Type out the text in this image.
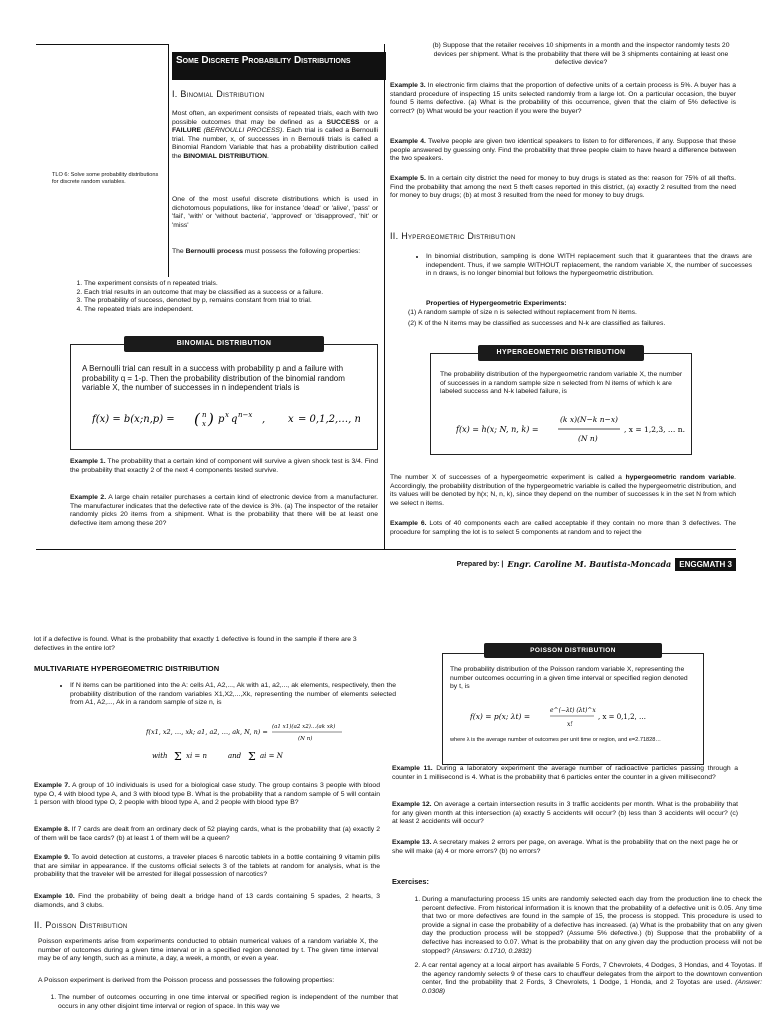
TLO 6: Solve some probability distributions for discrete random variables.

Some Discrete Probability Distributions

I. Binomial Distribution

Most often, an experiment consists of repeated trials, each with two possible outcomes that may be defined as a SUCCESS or a FAILURE (BERNOULLI PROCESS). Each trial is called a Bernoulli trial. The number, x, of successes in n Bernoulli trials is called a Binomial Random Variable that has a probability distribution called the BINOMIAL DISTRIBUTION.

One of the most useful discrete distributions which is used in dichotomous populations, like for instance 'dead' or 'alive', 'pass' or 'fail', 'with' or 'without bacteria', 'approved' or 'disapproved', 'hit' or 'miss'

The Bernoulli process must possess the following properties:

1. The experiment consists of n repeated trials.
2. Each trial results in an outcome that may be classified as a success or a failure.
3. The probability of success, denoted by p, remains constant from trial to trial.
4. The repeated trials are independent.
BINOMIAL DISTRIBUTION

A Bernoulli trial can result in a success with probability p and a failure with probability q = 1-p. Then the probability distribution of the binomial random variable X, the number of successes in n independent trials is

f(x) = b(x;n,p) = ( n
x ) p x q n−x , x = 0,1,2,…, n

Example 1. The probability that a certain kind of component will survive a given shock test is 3/4. Find the probability that exactly 2 of the next 4 components tested survive.

Example 2. A large chain retailer purchases a certain kind of electronic device from a manufacturer. The manufacturer indicates that the defective rate of the device is 3%. (a) The inspector of the retailer randomly picks 20 items from a shipment. What is the probability that there will be at least one defective item among these 20?

(b) Suppose that the retailer receives 10 shipments in a month and the inspector randomly tests 20 devices per shipment. What is the probability that there will be 3 shipments containing at least one defective device?

Example 3. In electronic firm claims that the proportion of defective units of a certain process is 5%. A buyer has a standard procedure of inspecting 15 units selected randomly from a large lot. On a particular occasion, the buyer found 5 items defective. (a) What is the probability of this occurrence, given that the claim of 5% defective is correct? (b) What would be your reaction if you were the buyer?

Example 4. Twelve people are given two identical speakers to listen to for differences, if any. Suppose that these people answered by guessing only. Find the probability that three people claim to have heard a difference between the two speakers.

Example 5. In a certain city district the need for money to buy drugs is stated as the: reason for 75% of all thefts. Find the probability that among the next 5 theft cases reported in this district, (a) exactly 2 resulted from the need for money to buy drugs; (b) at most 3 resulted from the need for money to buy drugs.

II. Hypergeometric Distribution

• In binomial distribution, sampling is done WITH replacement such that it guarantees that the draws are independent. Thus, if we sample WITHOUT replacement, the random variable X, the number of successes in n draws, is no longer binomial but follows the hypergeometric distribution.

Properties of Hypergeometric Experiments:

(1) A random sample of size n is selected without replacement from N items.

(2) K of the N items may be classified as successes and N-k are classified as failures.

HYPERGEOMETRIC DISTRIBUTION

The probability distribution of the hypergeometric random variable X, the number of successes in a random sample size n selected from N items of which k are labeled success and N-k labeled failure, is

f(x) = h(x; N, n, k) =
(k x)(N−k n−x)
(N n)
, x = 1,2,3, … n.

The number X of successes of a hypergeometric experiment is called a hypergeometric random variable. Accordingly, the probability distribution of the hypergeometric variable is called the hypergeometric distribution, and its values will be denoted by h(x; N, n, k), since they depend on the number of successes k in the set N from which we select n items.

Example 6. Lots of 40 components each are called acceptable if they contain no more than 3 defectives. The procedure for sampling the lot is to select 5 components at random and to reject the

Prepared by: | Engr. Caroline M. Bautista-Moncada	ENGGMATH 3

lot if a defective is found. What is the probability that exactly 1 defective is found in the sample if there are 3 defectives in the entire lot?

MULTIVARIATE HYPERGEOMETRIC DISTRIBUTION

• If N items can be partitioned into the A: cells A1, A2,..., Ak with a1, a2,..., ak elements, respectively, then the probability distribution of the random variables X1,X2,...,Xk, representing the number of elements selected from A1, A2,..., Ak in a random sample of size n, is
f(x1, x2, …, xk; a1, a2, …, ak, N, n) =
(a1 x1)(a2 x2)…(ak xk)
(N n)
with Σ xi = n	and Σ ai = N

Example 7. A group of 10 individuals is used for a biological case study. The group contains 3 people with blood type O, 4 with blood type A, and 3 with blood type B. What is the probability that a random sample of 5 will contain 1 person with blood type O, 2 people with blood type A, and 2 people with blood type B?

Example 8. If 7 cards are dealt from an ordinary deck of 52 playing cards, what is the probability that (a) exactly 2 of them will be face cards? (b) at least 1 of them will be a queen?

Example 9. To avoid detection at customs, a traveler places 6 narcotic tablets in a bottle containing 9 vitamin pills that are similar in appearance. If the customs official selects 3 of the tablets at random for analysis, what is the probability that the traveler will be arrested for illegal possession of narcotics?

Example 10. Find the probability of being dealt a bridge hand of 13 cards containing 5 spades, 2 hearts, 3 diamonds, and 3 clubs.

II. Poisson Distribution

Poisson experiments arise from experiments conducted to obtain numerical values of a random variable X, the number of outcomes during a given time interval or in a specified region denoted by t. The given time interval may be of any length, such as a minute, a day, a week, a month, or even a year.

A Poisson experiment is derived from the Poisson process and possesses the following properties:

1. The number of outcomes occurring in one time interval or specified region is independent of the number that occurs in any other disjoint time interval or region of space. In this way we
POISSON DISTRIBUTION

The probability distribution of the Poisson random variable X, representing the number outcomes occurring in a given time interval or specified region denoted by t, is

f(x) = p(x; λt) =
e^(−λt) (λt)^x
x!
, x = 0,1,2, …

where λ is the average number of outcomes per unit time or region, and e=2.71828…

Example 11. During a laboratory experiment the average number of radioactive particles passing through a counter in 1 millisecond is 4. What is the probability that 6 particles enter the counter in a given millisecond?

Example 12. On average a certain intersection results in 3 traffic accidents per month. What is the probability that for any given month at this intersection (a) exactly 5 accidents will occur? (b) less than 3 accidents will occur? (c) at least 2 accidents will occur?

Example 13. A secretary makes 2 errors per page, on average. What is the probability that on the next page he or she will make (a) 4 or more errors? (b) no errors?

Exercises:

1. During a manufacturing process 15 units are randomly selected each day from the production line to check the percent defective. From historical information it is known that the probability of a defective unit is 0.05. Any time that two or more defectives are found in the sample of 15, the process is stopped. This procedure is used to provide a signal in case the probability of a defective has increased. (a) What is the probability that on any given day the production process will be stopped? (Assume 5% defective.) (b) Suppose that the probability of a defective has increased to 0.07. What is the probability that on any given day the production process will not be stopped? (Answers: 0.1710, 0.2832)
2. A car rental agency at a local airport has available 5 Fords, 7 Chevrolets, 4 Dodges, 3 Hondas, and 4 Toyotas. If the agency randomly selects 9 of these cars to chauffeur delegates from the airport to the downtown convention center, find the probability that 2 Fords, 3 Chevrolets, 1 Dodge, 1 Honda, and 2 Toyotas are used. (Answer: 0.0308)
